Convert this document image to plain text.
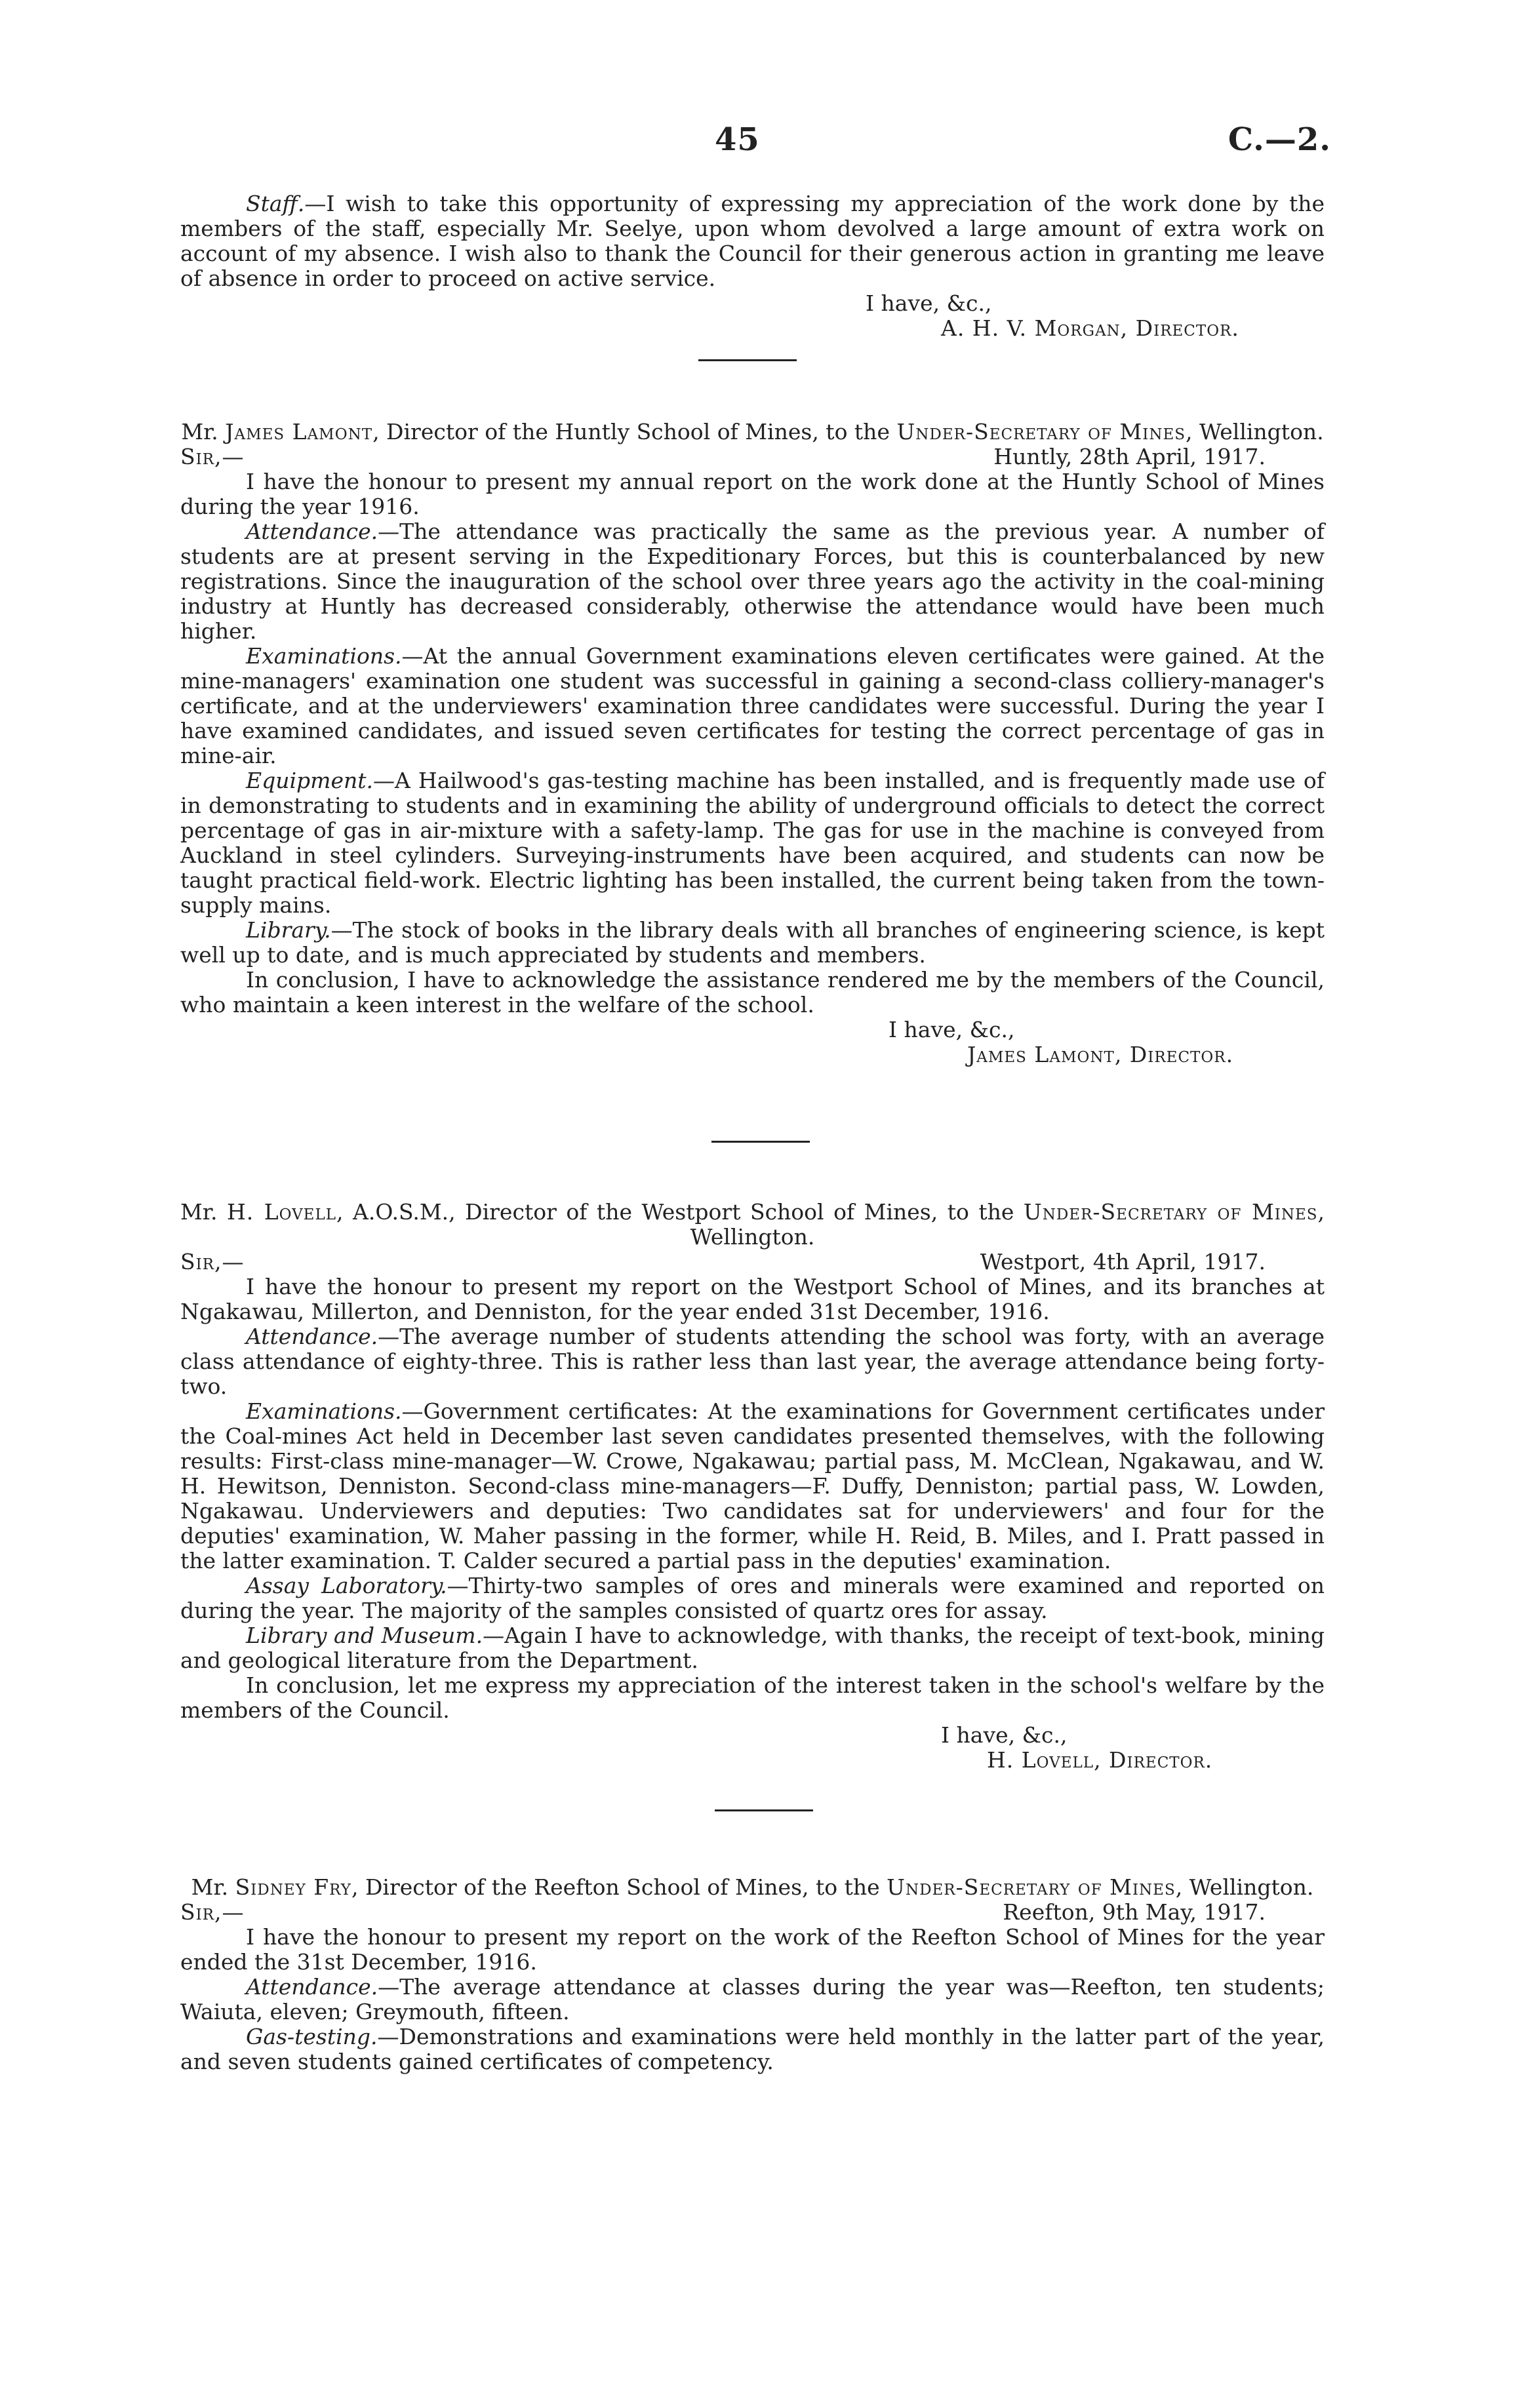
45	C.—2.

Staff.—I wish to take this opportunity of expressing my appreciation of the work done by the members of the staff, especially Mr. Seelye, upon whom devolved a large amount of extra work on account of my absence. I wish also to thank the Council for their generous action in granting me leave of absence in order to proceed on active service.

I have, &c.,

A. H. V. Morgan, Director.

Mr. James Lamont, Director of the Huntly School of Mines, to the Under-Secretary of Mines, Wellington.

Sir,—	Huntly, 28th April, 1917.

I have the honour to present my annual report on the work done at the Huntly School of Mines during the year 1916.

Attendance.—The attendance was practically the same as the previous year. A number of students are at present serving in the Expeditionary Forces, but this is counterbalanced by new registrations. Since the inauguration of the school over three years ago the activity in the coal-mining industry at Huntly has decreased considerably, otherwise the attendance would have been much higher.

Examinations.—At the annual Government examinations eleven certificates were gained. At the mine-managers' examination one student was successful in gaining a second-class colliery-manager's certificate, and at the underviewers' examination three candidates were successful. During the year I have examined candidates, and issued seven certificates for testing the correct percentage of gas in mine-air.

Equipment.—A Hailwood's gas-testing machine has been installed, and is frequently made use of in demonstrating to students and in examining the ability of underground officials to detect the correct percentage of gas in air-mixture with a safety-lamp. The gas for use in the machine is conveyed from Auckland in steel cylinders. Surveying-instruments have been acquired, and students can now be taught practical field-work. Electric lighting has been installed, the current being taken from the town-supply mains.

Library.—The stock of books in the library deals with all branches of engineering science, is kept well up to date, and is much appreciated by students and members.

In conclusion, I have to acknowledge the assistance rendered me by the members of the Council, who maintain a keen interest in the welfare of the school.

I have, &c.,

James Lamont, Director.

Mr. H. Lovell, A.O.S.M., Director of the Westport School of Mines, to the Under-Secretary of Mines, Wellington.

Sir,—	Westport, 4th April, 1917.

I have the honour to present my report on the Westport School of Mines, and its branches at Ngakawau, Millerton, and Denniston, for the year ended 31st December, 1916.

Attendance.—The average number of students attending the school was forty, with an average class attendance of eighty-three. This is rather less than last year, the average attendance being forty-two.

Examinations.—Government certificates: At the examinations for Government certificates under the Coal-mines Act held in December last seven candidates presented themselves, with the following results: First-class mine-manager—W. Crowe, Ngakawau; partial pass, M. McClean, Ngakawau, and W. H. Hewitson, Denniston. Second-class mine-managers—F. Duffy, Denniston; partial pass, W. Lowden, Ngakawau. Underviewers and deputies: Two candidates sat for underviewers' and four for the deputies' examination, W. Maher passing in the former, while H. Reid, B. Miles, and I. Pratt passed in the latter examination. T. Calder secured a partial pass in the deputies' examination.

Assay Laboratory.—Thirty-two samples of ores and minerals were examined and reported on during the year. The majority of the samples consisted of quartz ores for assay.

Library and Museum.—Again I have to acknowledge, with thanks, the receipt of text-book, mining and geological literature from the Department.

In conclusion, let me express my appreciation of the interest taken in the school's welfare by the members of the Council.

I have, &c.,

H. Lovell, Director.

Mr. Sidney Fry, Director of the Reefton School of Mines, to the Under-Secretary of Mines, Wellington.

Sir,—	Reefton, 9th May, 1917.

I have the honour to present my report on the work of the Reefton School of Mines for the year ended the 31st December, 1916.

Attendance.—The average attendance at classes during the year was—Reefton, ten students; Waiuta, eleven; Greymouth, fifteen.

Gas-testing.—Demonstrations and examinations were held monthly in the latter part of the year, and seven students gained certificates of competency.
